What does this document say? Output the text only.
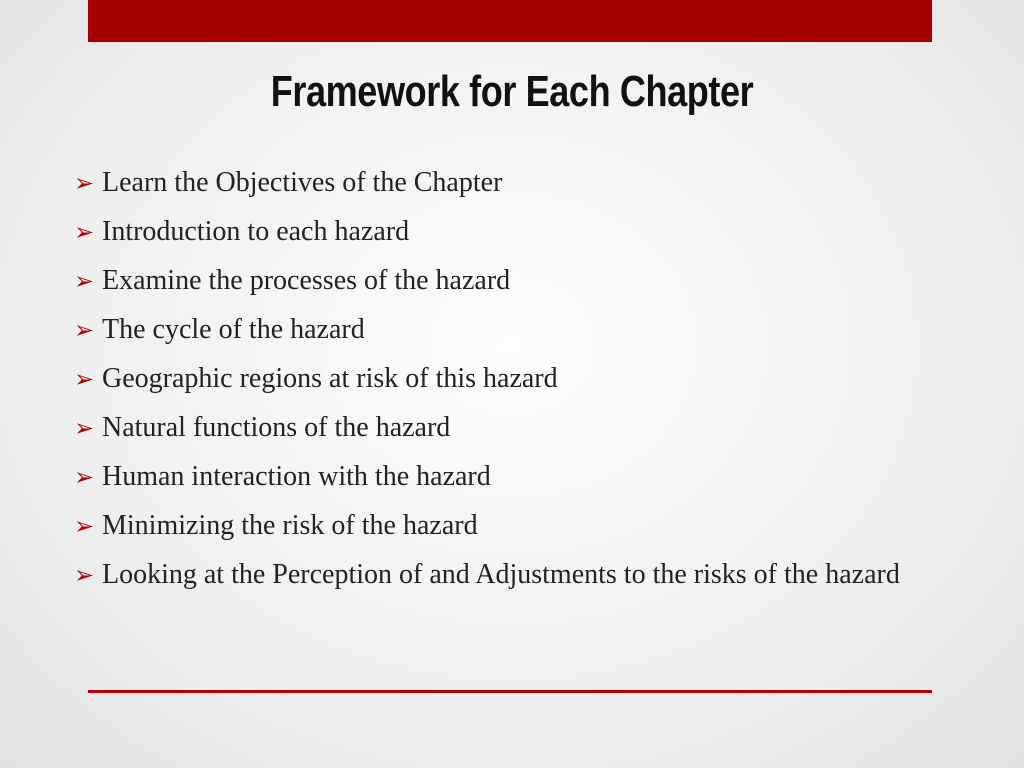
Framework for Each Chapter
➢ Learn the Objectives of the Chapter
➢ Introduction to each hazard
➢ Examine the processes of the hazard
➢ The cycle of the hazard
➢ Geographic regions at risk of this hazard
➢ Natural functions of the hazard
➢ Human interaction with the hazard
➢ Minimizing the risk of the hazard
➢ Looking at the Perception of and Adjustments to the risks of the hazard
